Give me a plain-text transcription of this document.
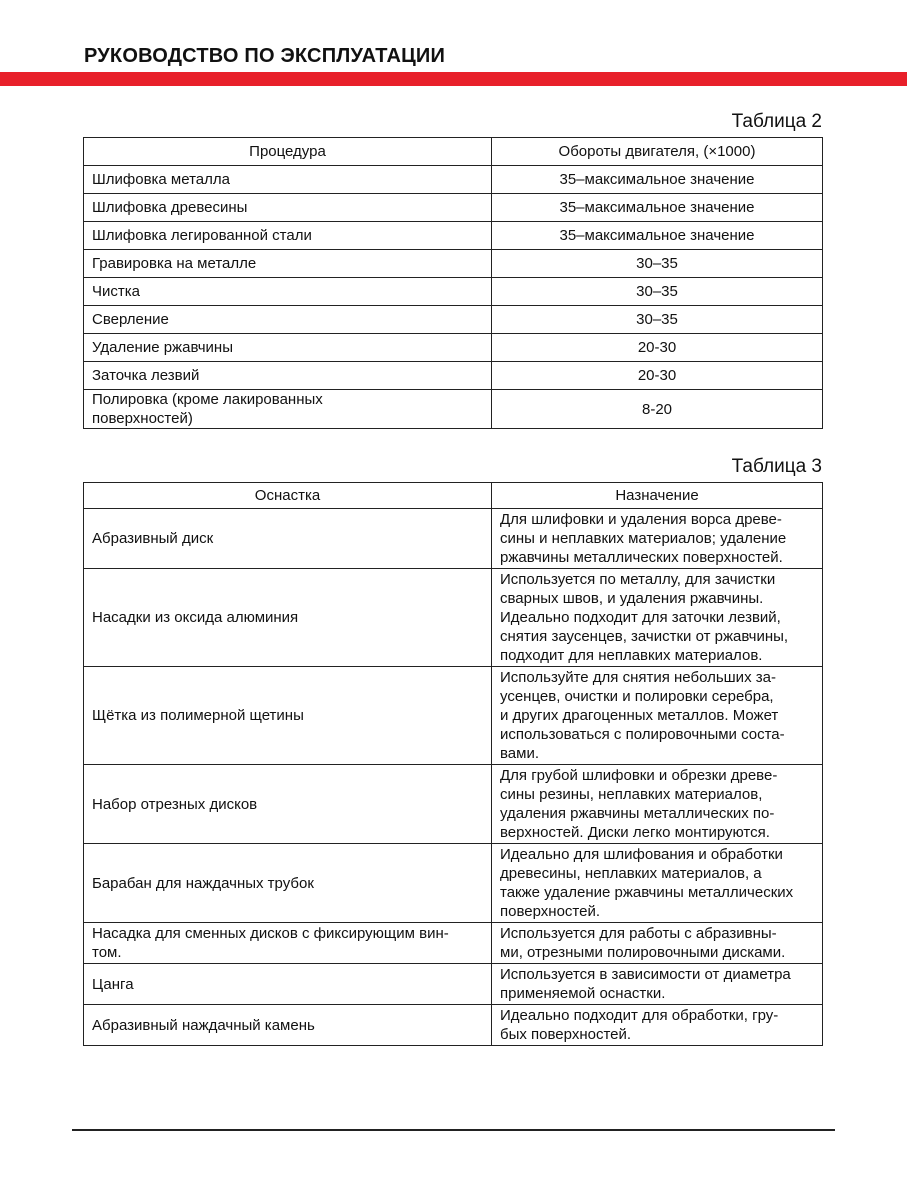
РУКОВОДСТВО ПО ЭКСПЛУАТАЦИИ
Таблица 2
Процедура	Обороты двигателя, (×1000)
Шлифовка металла	35–максимальное значение
Шлифовка древесины	35–максимальное значение
Шлифовка легированной стали	35–максимальное значение
Гравировка на металле	30–35
Чистка	30–35
Сверление	30–35
Удаление ржавчины	20-30
Заточка лезвий	20-30
Полировка (кроме лакированных
поверхностей)	8-20
Таблица 3
Оснастка	Назначение
Абразивный диск	Для шлифовки и удаления ворса древе-
сины и неплавких материалов; удаление
ржавчины металлических поверхностей.
Насадки из оксида алюминия	Используется по металлу, для зачистки
сварных швов, и удаления ржавчины.
Идеально подходит для заточки лезвий,
снятия заусенцев, зачистки от ржавчины,
подходит для неплавких материалов.
Щётка из полимерной щетины	Используйте для снятия небольших за-
усенцев, очистки и полировки серебра,
и других драгоценных металлов. Может
использоваться с полировочными соста-
вами.
Набор отрезных дисков	Для грубой шлифовки и обрезки древе-
сины резины, неплавких материалов,
удаления ржавчины металлических по-
верхностей. Диски легко монтируются.
Барабан для наждачных трубок	Идеально для шлифования и обработки
древесины, неплавких материалов, а
также удаление ржавчины металлических
поверхностей.
Насадка для сменных дисков с фиксирующим вин-
том.	Используется для работы с абразивны-
ми, отрезными полировочными дисками.
Цанга	Используется в зависимости от диаметра
применяемой оснастки.
Абразивный наждачный камень	Идеально подходит для обработки, гру-
бых поверхностей.
